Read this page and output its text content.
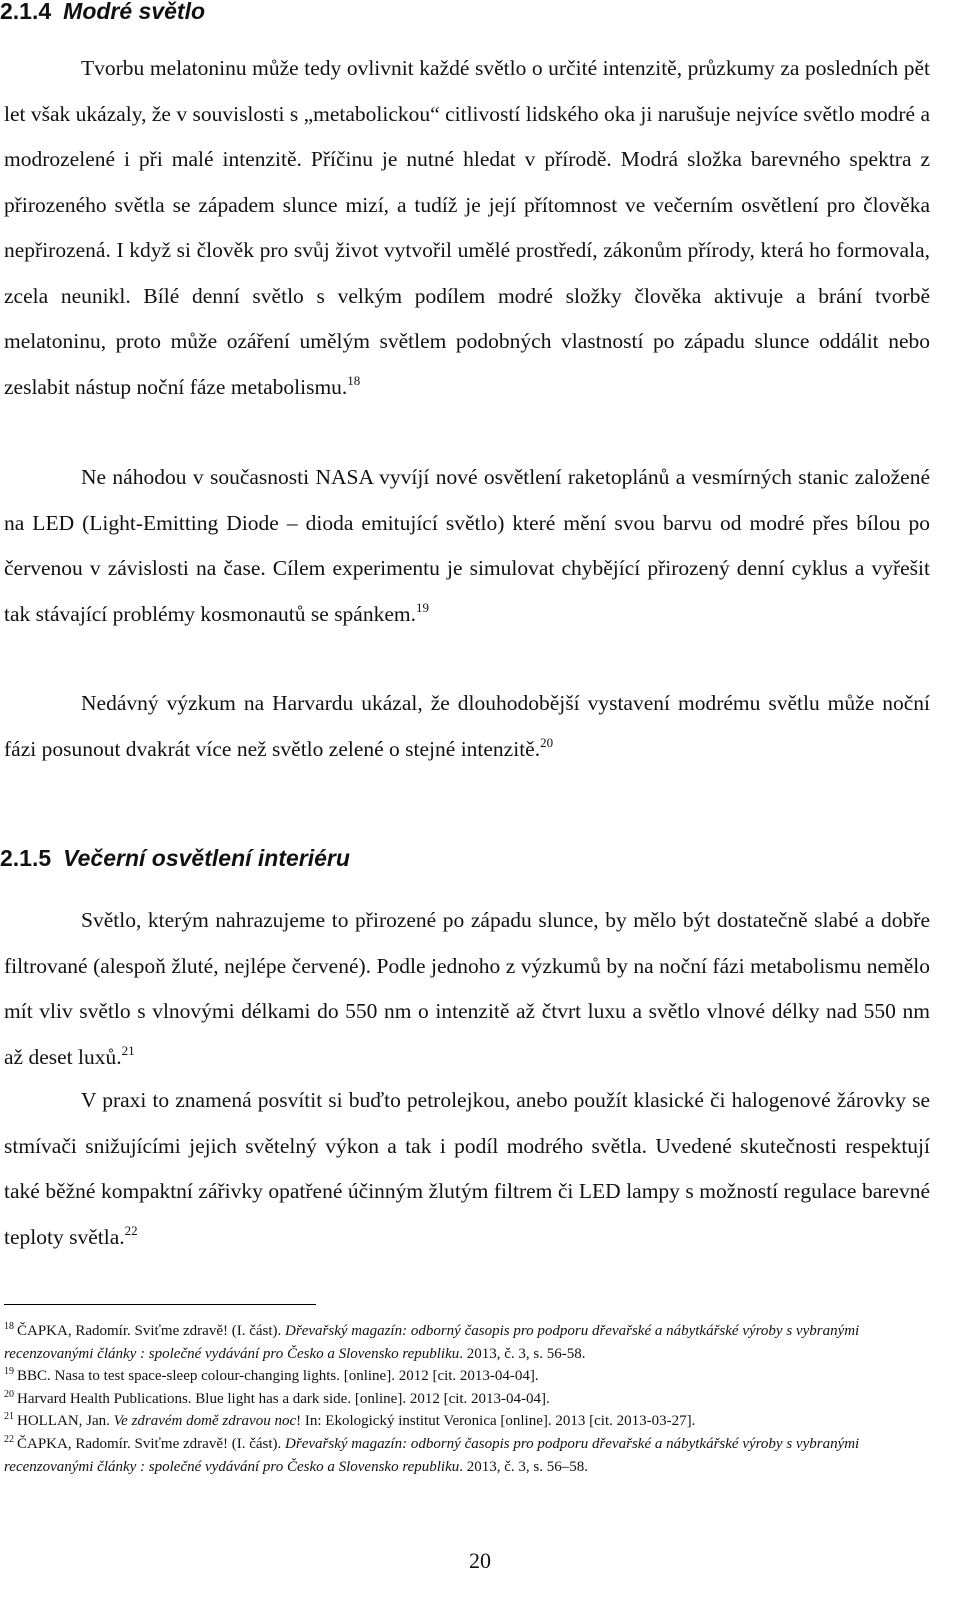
2.1.4 Modré světlo

Tvorbu melatoninu může tedy ovlivnit každé světlo o určité intenzitě, průzkumy za posledních pět let však ukázaly, že v souvislosti s „metabolickou“ citlivostí lidského oka ji narušuje nejvíce světlo modré a modrozelené i při malé intenzitě. Příčinu je nutné hledat v přírodě. Modrá složka barevného spektra z přirozeného světla se západem slunce mizí, a tudíž je její přítomnost ve večerním osvětlení pro člověka nepřirozená. I když si člověk pro svůj život vytvořil umělé prostředí, zákonům přírody, která ho formovala, zcela neunikl. Bílé denní světlo s velkým podílem modré složky člověka aktivuje a brání tvorbě melatoninu, proto může ozáření umělým světlem podobných vlastností po západu slunce oddálit nebo zeslabit nástup noční fáze metabolismu.$^{18}$

Ne náhodou v současnosti NASA vyvíjí nové osvětlení raketoplánů a vesmírných stanic založené na LED (Light-Emitting Diode – dioda emitující světlo) které mění svou barvu od modré přes bílou po červenou v závislosti na čase. Cílem experimentu je simulovat chybějící přirozený denní cyklus a vyřešit tak stávající problémy kosmonautů se spánkem.$^{19}$

Nedávný výzkum na Harvardu ukázal, že dlouhodobější vystavení modrému světlu může noční fázi posunout dvakrát více než světlo zelené o stejné intenzitě.$^{20}$

2.1.5 Večerní osvětlení interiéru

Světlo, kterým nahrazujeme to přirozené po západu slunce, by mělo být dostatečně slabé a dobře filtrované (alespoň žluté, nejlépe červené). Podle jednoho z výzkumů by na noční fázi metabolismu nemělo mít vliv světlo s vlnovými délkami do 550 nm o intenzitě až čtvrt luxu a světlo vlnové délky nad 550 nm až deset luxů.$^{21}$

V praxi to znamená posvítit si buďto petrolejkou, anebo použít klasické či halogenové žárovky se stmívači snižujícími jejich světelný výkon a tak i podíl modrého světla. Uvedené skutečnosti respektují také běžné kompaktní zářivky opatřené účinným žlutým filtrem či LED lampy s možností regulace barevné teploty světla.$^{22}$

$^{18}$ ČAPKA, Radomír. Sviťme zdravě! (I. část). Dřevařský magazín: odborný časopis pro podporu dřevařské a nábytkářské výroby s vybranými recenzovanými články : společné vydávání pro Česko a Slovensko republiku. 2013, č. 3, s. 56-58.

$^{19}$ BBC. Nasa to test space-sleep colour-changing lights. [online]. 2012 [cit. 2013-04-04].

$^{20}$ Harvard Health Publications. Blue light has a dark side. [online]. 2012 [cit. 2013-04-04].

$^{21}$ HOLLAN, Jan. Ve zdravém domě zdravou noc! In: Ekologický institut Veronica [online]. 2013 [cit. 2013-03-27].

$^{22}$ ČAPKA, Radomír. Sviťme zdravě! (I. část). Dřevařský magazín: odborný časopis pro podporu dřevařské a nábytkářské výroby s vybranými recenzovanými články : společné vydávání pro Česko a Slovensko republiku. 2013, č. 3, s. 56–58.

20
